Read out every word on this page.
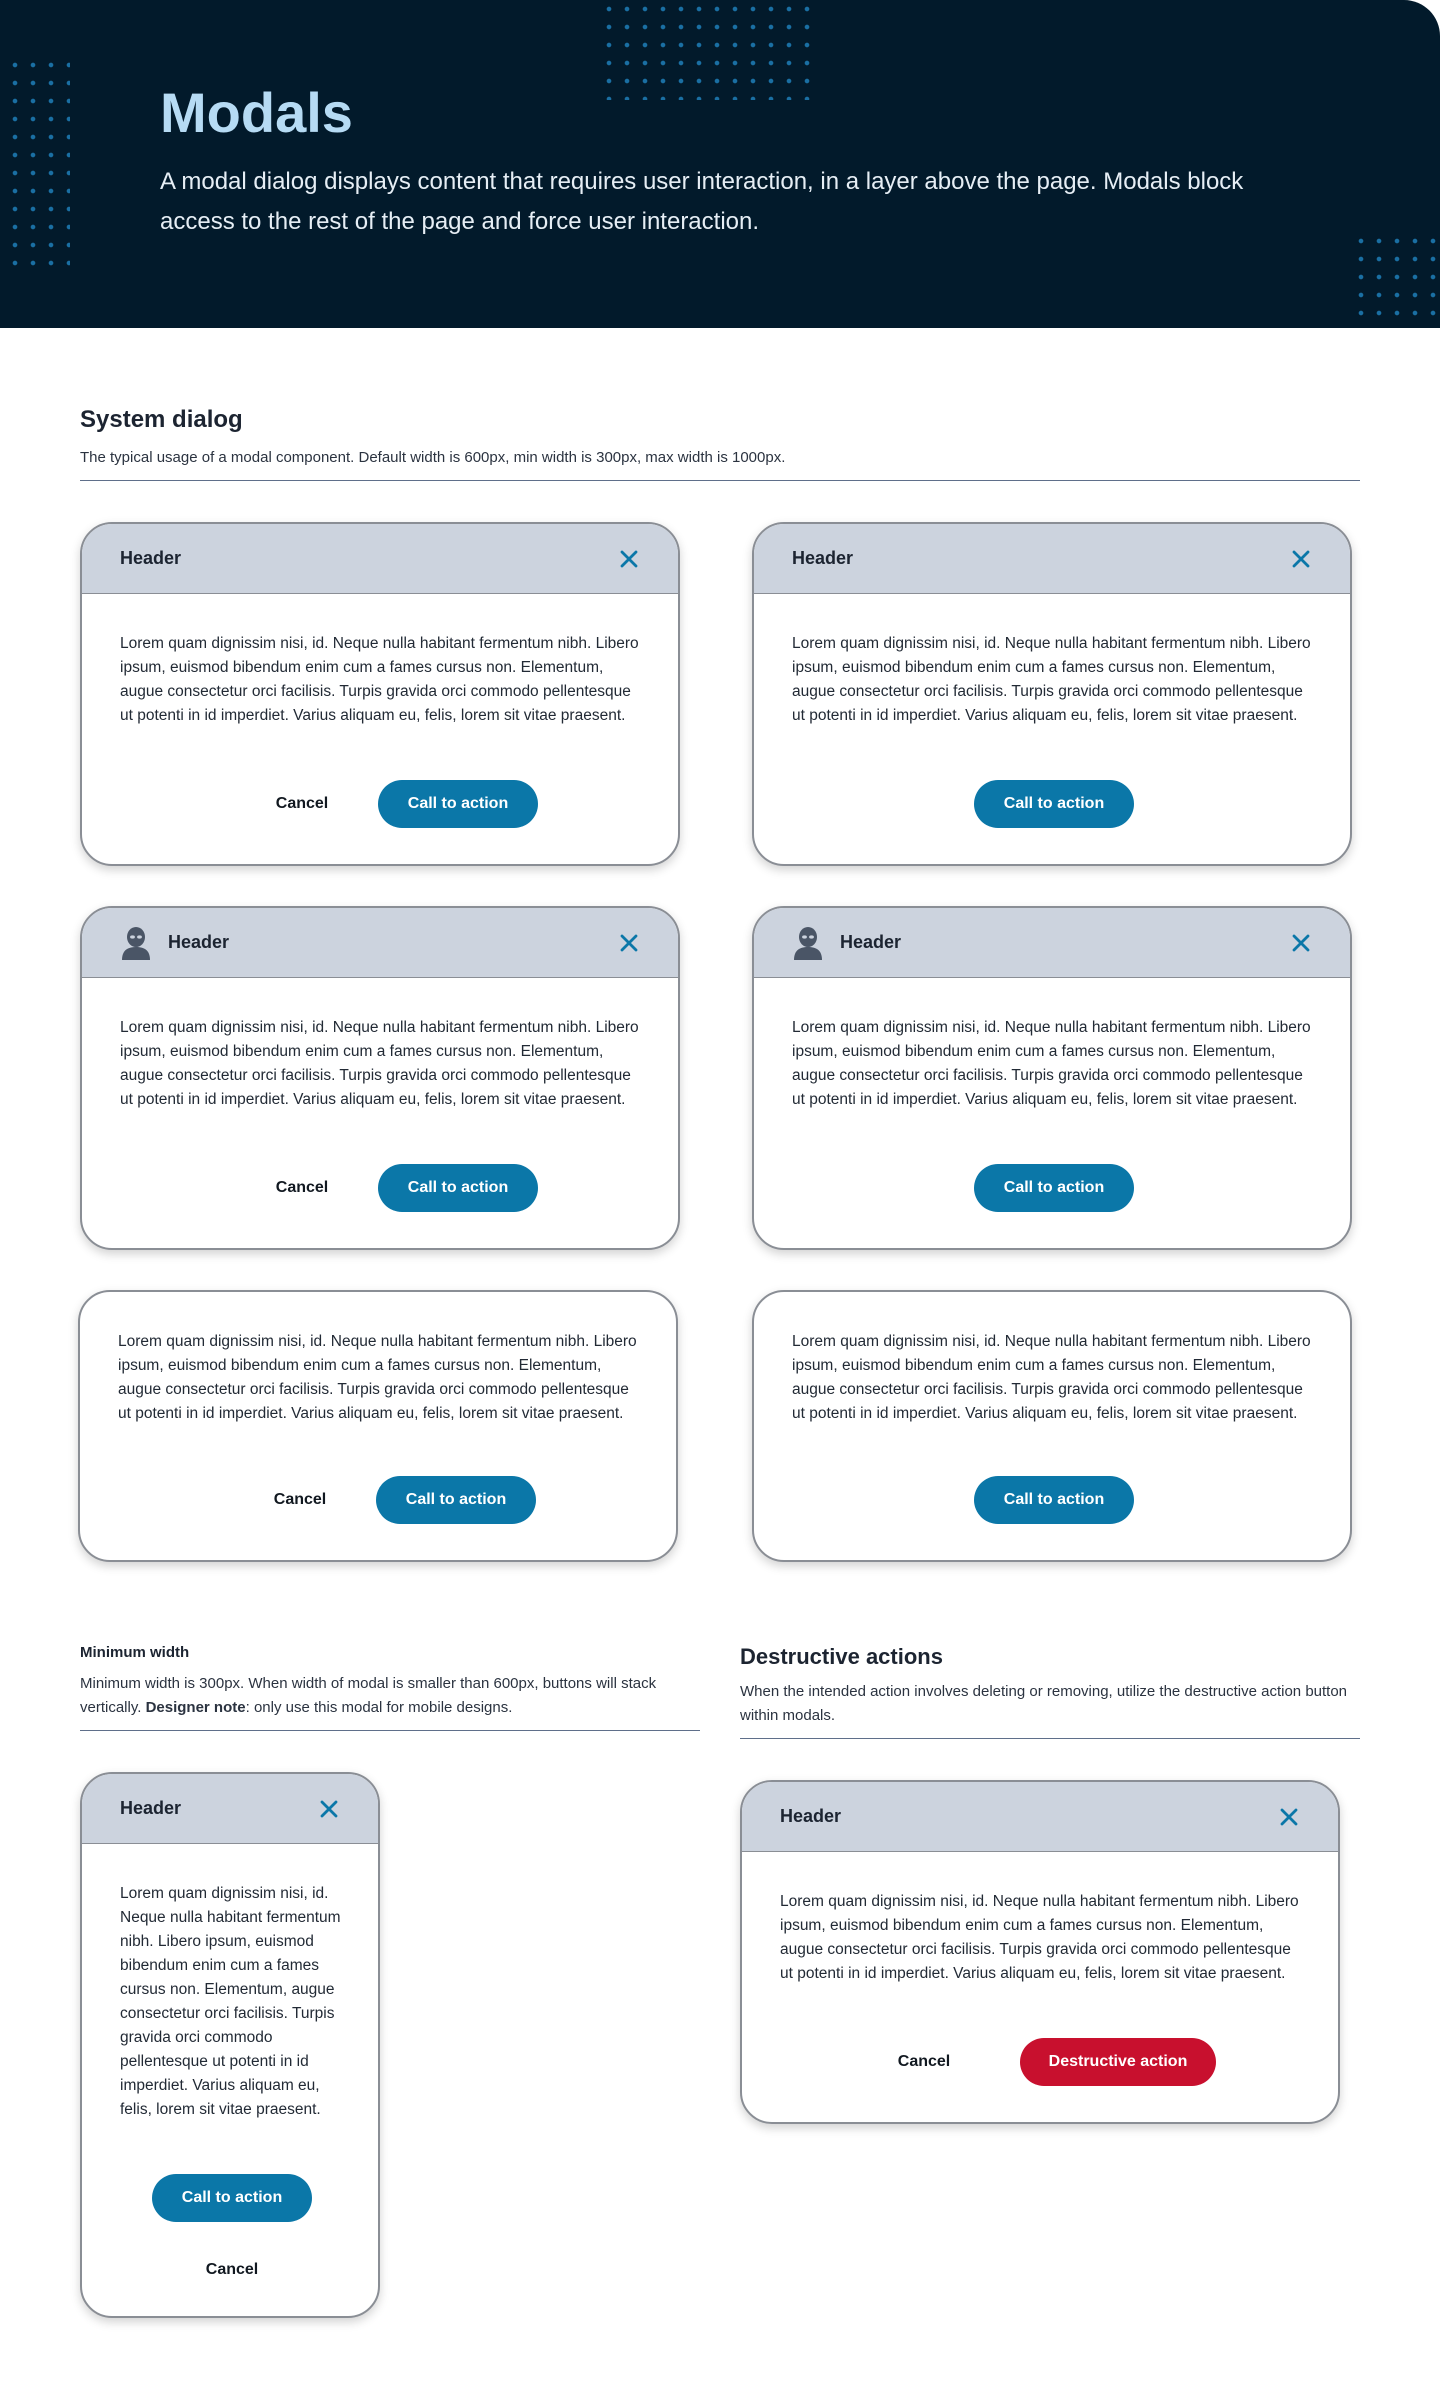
Modals

A modal dialog displays content that requires user interaction, in a layer above the page. Modals block access to the rest of the page and force user interaction.

System dialog

The typical usage of a modal component. Default width is 600px, min width is 300px, max width is 1000px.

Header

Lorem quam dignissim nisi, id. Neque nulla habitant fermentum nibh. Libero ipsum, euismod bibendum enim cum a fames cursus non. Elementum, augue consectetur orci facilisis. Turpis gravida orci commodo pellentesque ut potenti in id imperdiet. Varius aliquam eu, felis, lorem sit vitae praesent.

Cancel	Call to action
Header

Lorem quam dignissim nisi, id. Neque nulla habitant fermentum nibh. Libero ipsum, euismod bibendum enim cum a fames cursus non. Elementum, augue consectetur orci facilisis. Turpis gravida orci commodo pellentesque ut potenti in id imperdiet. Varius aliquam eu, felis, lorem sit vitae praesent.

Call to action
Header

Lorem quam dignissim nisi, id. Neque nulla habitant fermentum nibh. Libero ipsum, euismod bibendum enim cum a fames cursus non. Elementum, augue consectetur orci facilisis. Turpis gravida orci commodo pellentesque ut potenti in id imperdiet. Varius aliquam eu, felis, lorem sit vitae praesent.

Cancel	Call to action
Header

Lorem quam dignissim nisi, id. Neque nulla habitant fermentum nibh. Libero ipsum, euismod bibendum enim cum a fames cursus non. Elementum, augue consectetur orci facilisis. Turpis gravida orci commodo pellentesque ut potenti in id imperdiet. Varius aliquam eu, felis, lorem sit vitae praesent.

Call to action

Lorem quam dignissim nisi, id. Neque nulla habitant fermentum nibh. Libero ipsum, euismod bibendum enim cum a fames cursus non. Elementum, augue consectetur orci facilisis. Turpis gravida orci commodo pellentesque ut potenti in id imperdiet. Varius aliquam eu, felis, lorem sit vitae praesent.

Cancel	Call to action

Lorem quam dignissim nisi, id. Neque nulla habitant fermentum nibh. Libero ipsum, euismod bibendum enim cum a fames cursus non. Elementum, augue consectetur orci facilisis. Turpis gravida orci commodo pellentesque ut potenti in id imperdiet. Varius aliquam eu, felis, lorem sit vitae praesent.

Call to action
Minimum width

Minimum width is 300px. When width of modal is smaller than 600px, buttons will stack vertically. Designer note: only use this modal for mobile designs.

Header

Lorem quam dignissim nisi, id. Neque nulla habitant fermentum nibh. Libero ipsum, euismod bibendum enim cum a fames cursus non. Elementum, augue consectetur orci facilisis. Turpis gravida orci commodo pellentesque ut potenti in id imperdiet. Varius aliquam eu, felis, lorem sit vitae praesent.

Call to action
Cancel
Destructive actions

When the intended action involves deleting or removing, utilize the destructive action button within modals.

Header

Lorem quam dignissim nisi, id. Neque nulla habitant fermentum nibh. Libero ipsum, euismod bibendum enim cum a fames cursus non. Elementum, augue consectetur orci facilisis. Turpis gravida orci commodo pellentesque ut potenti in id imperdiet. Varius aliquam eu, felis, lorem sit vitae praesent.

Cancel	Destructive action
